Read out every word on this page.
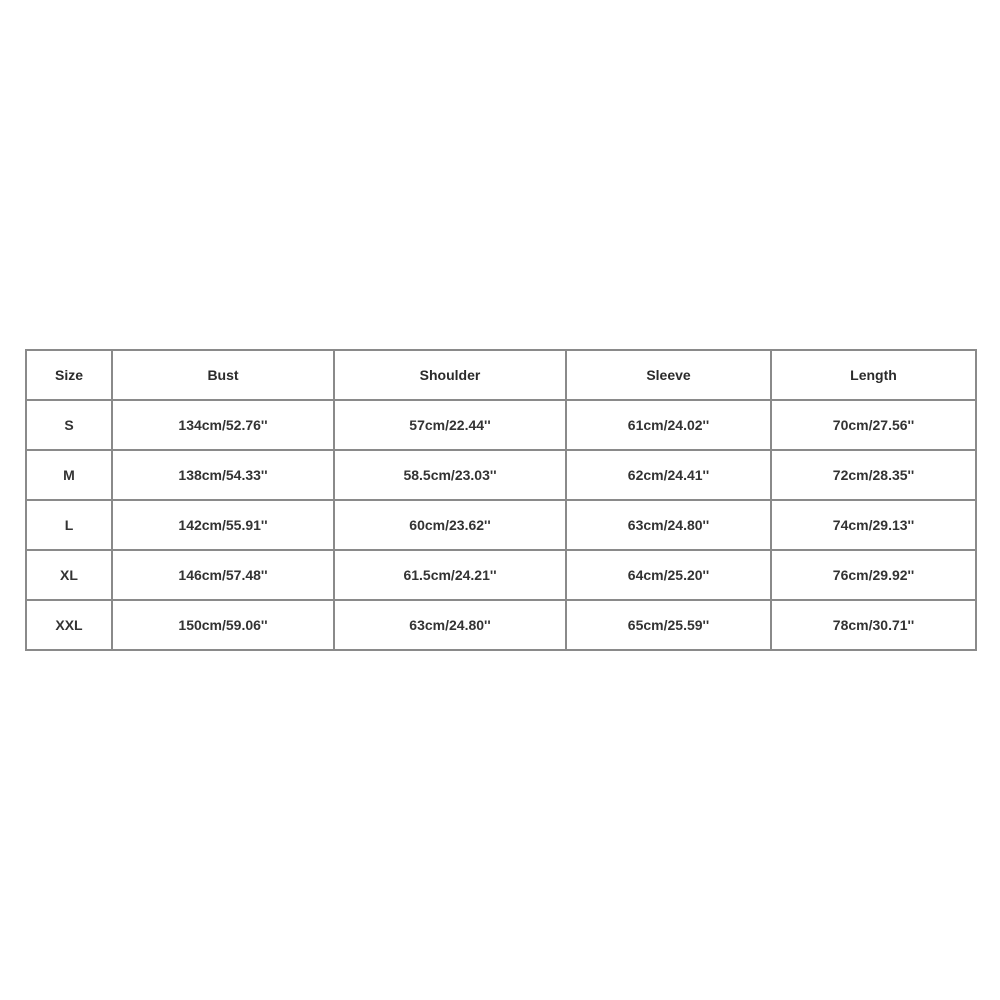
Size	Bust	Shoulder	Sleeve	Length
S	134cm/52.76''	57cm/22.44''	61cm/24.02''	70cm/27.56''
M	138cm/54.33''	58.5cm/23.03''	62cm/24.41''	72cm/28.35''
L	142cm/55.91''	60cm/23.62''	63cm/24.80''	74cm/29.13''
XL	146cm/57.48''	61.5cm/24.21''	64cm/25.20''	76cm/29.92''
XXL	150cm/59.06''	63cm/24.80''	65cm/25.59''	78cm/30.71''
